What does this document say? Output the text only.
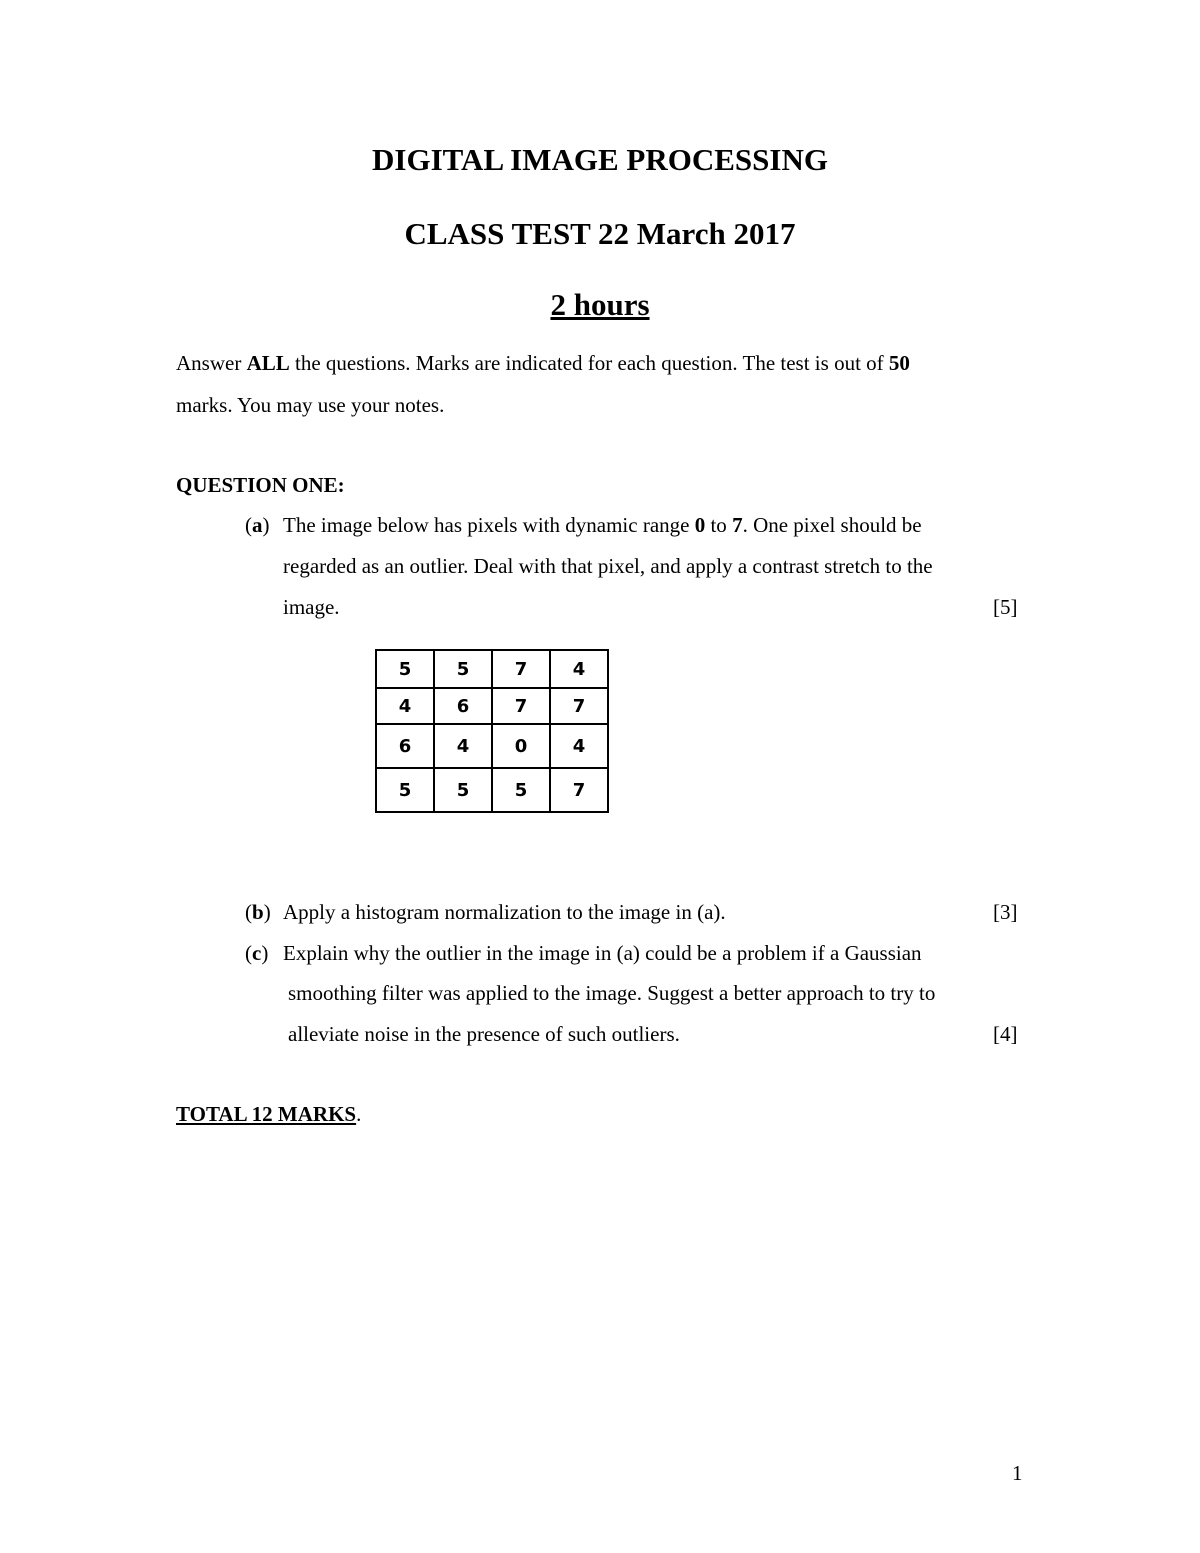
DIGITAL IMAGE PROCESSING
CLASS TEST 22 March 2017
2 hours
Answer ALL the questions. Marks are indicated for each question. The test is out of 50
marks. You may use your notes.
QUESTION ONE:
(a) The image below has pixels with dynamic range 0 to 7. One pixel should be
regarded as an outlier. Deal with that pixel, and apply a contrast stretch to the
image.	[5]
5	5	7	4
4	6	7	7
6	4	0	4
5	5	5	7
(b) Apply a histogram normalization to the image in (a).	[3]
(c) Explain why the outlier in the image in (a) could be a problem if a Gaussian
smoothing filter was applied to the image. Suggest a better approach to try to
alleviate noise in the presence of such outliers.	[4]
TOTAL 12 MARKS.
1
